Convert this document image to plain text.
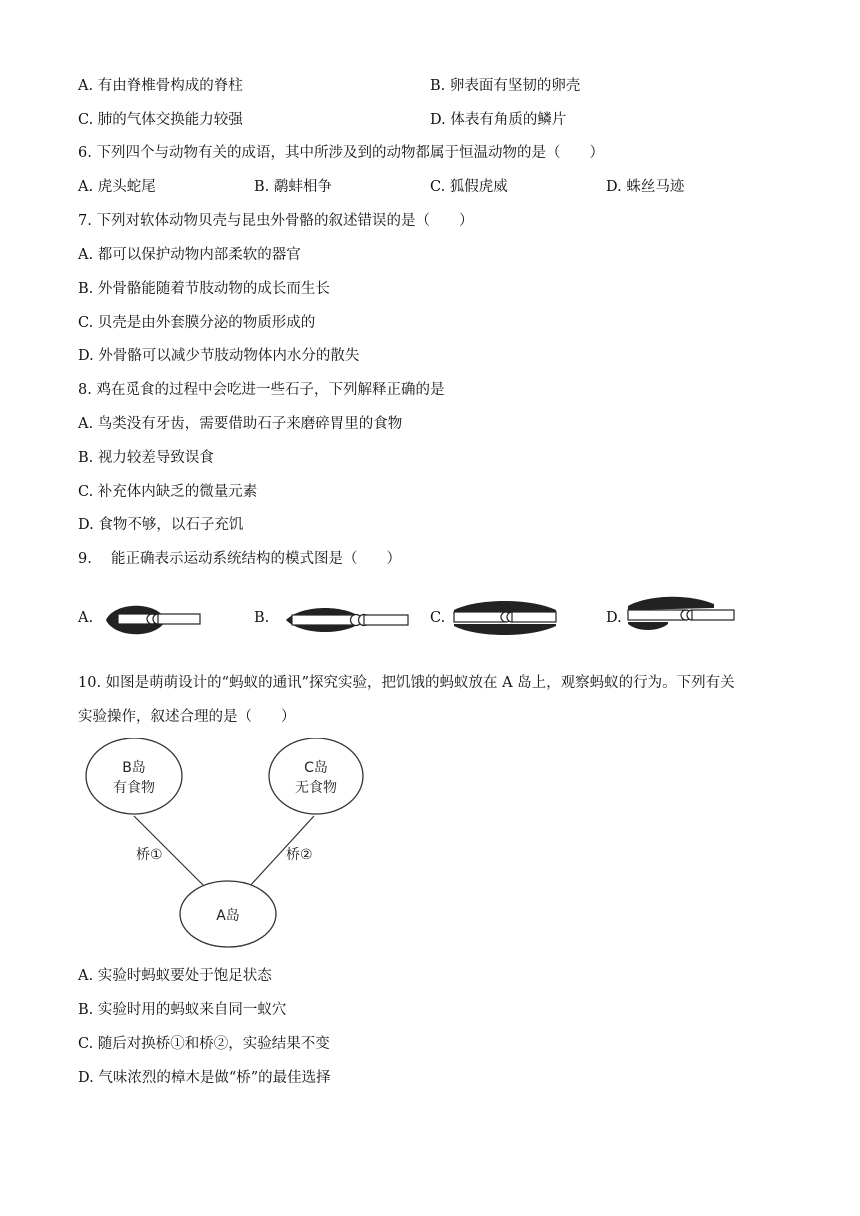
A. 有由脊椎骨构成的脊柱	B. 卵表面有坚韧的卵壳
C. 肺的气体交换能力较强	D. 体表有角质的鳞片
6. 下列四个与动物有关的成语，其中所涉及到的动物都属于恒温动物的是（　　）
A. 虎头蛇尾	B. 鹬蚌相争	C. 狐假虎威	D. 蛛丝马迹
7. 下列对软体动物贝壳与昆虫外骨骼的叙述错误的是（　　）
A. 都可以保护动物内部柔软的器官
B. 外骨骼能随着节肢动物的成长而生长
C. 贝壳是由外套膜分泌的物质形成的
D. 外骨骼可以减少节肢动物体内水分的散失
8. 鸡在觅食的过程中会吃进一些石子，下列解释正确的是
A. 鸟类没有牙齿，需要借助石子来磨碎胃里的食物
B. 视力较差导致误食
C. 补充体内缺乏的微量元素
D. 食物不够，以石子充饥
9.　 能正确表示运动系统结构的模式图是（　　）
A.	B.	C.	D.
10. 如图是萌萌设计的“蚂蚁的通讯”探究实验，把饥饿的蚂蚁放在 A 岛上，观察蚂蚁的行为。下列有关
实验操作，叙述合理的是（　　）
B岛
有食物
C岛
无食物
A岛
桥①	桥②
A. 实验时蚂蚁要处于饱足状态
B. 实验时用的蚂蚁来自同一蚁穴
C. 随后对换桥①和桥②，实验结果不变
D. 气味浓烈的樟木是做“桥”的最佳选择
